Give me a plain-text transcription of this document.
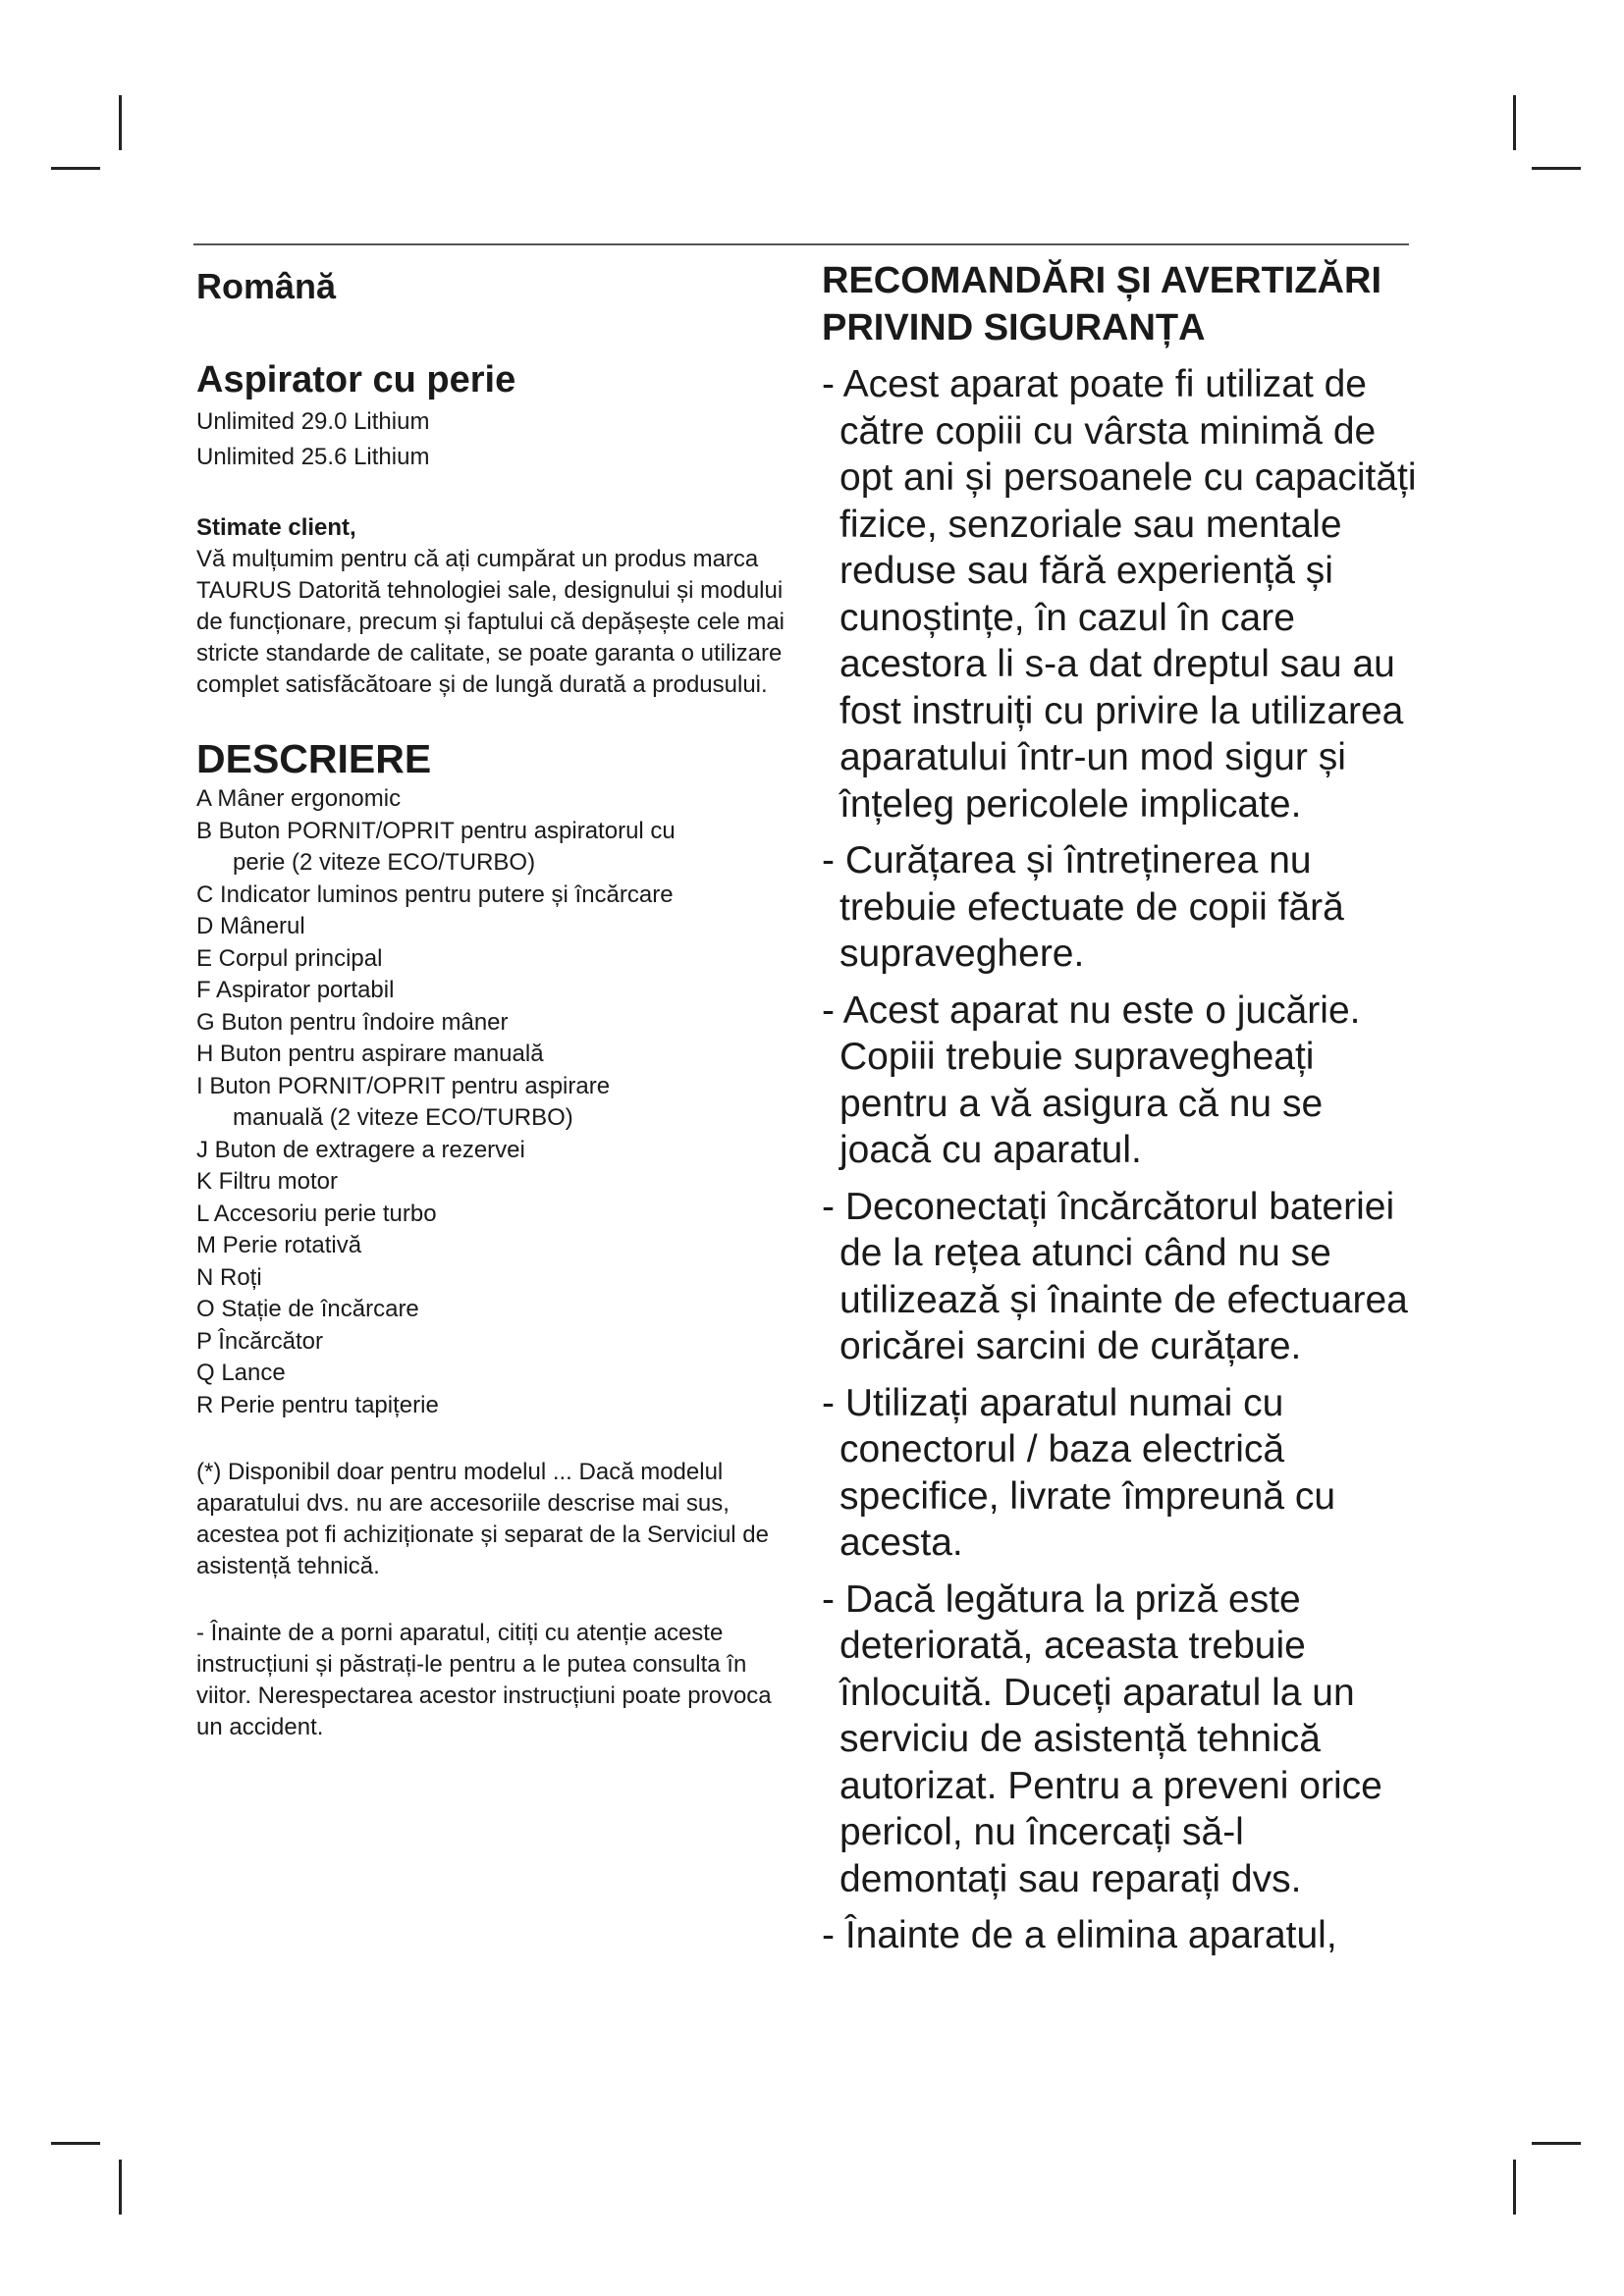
Română
Aspirator cu perie

Unlimited 29.0 Lithium

Unlimited 25.6 Lithium

Stimate client,

Vă mulțumim pentru că ați cumpărat un produs marca TAURUS Datorită tehnologiei sale, designului și modului de funcționare, precum și faptului că depășește cele mai stricte standarde de calitate, se poate garanta o utilizare complet satisfăcătoare și de lungă durată a produsului.

DESCRIERE
A Mâner ergonomic
B Buton PORNIT/OPRIT pentru aspiratorul cu
perie (2 viteze ECO/TURBO)
C Indicator luminos pentru putere și încărcare
D Mânerul
E Corpul principal
F Aspirator portabil
G Buton pentru îndoire mâner
H Buton pentru aspirare manuală
I Buton PORNIT/OPRIT pentru aspirare
manuală (2 viteze ECO/TURBO)
J Buton de extragere a rezervei
K Filtru motor
L Accesoriu perie turbo
M Perie rotativă
N Roți
O Stație de încărcare
P Încărcător
Q Lance
R Perie pentru tapițerie

(*) Disponibil doar pentru modelul ... Dacă modelul aparatului dvs. nu are accesoriile descrise mai sus, acestea pot fi achiziționate și separat de la Serviciul de asistență tehnică.

- Înainte de a porni aparatul, citiți cu atenție aceste instrucțiuni și păstrați-le pentru a le putea consulta în viitor. Nerespectarea acestor instrucțiuni poate provoca un accident.

RECOMANDĂRI ȘI AVERTIZĂRI PRIVIND SIGURANȚA
- Acest aparat poate fi utilizat de către copiii cu vârsta minimă de opt ani și persoanele cu capacități fizice, senzoriale sau mentale reduse sau fără experiență și cunoștințe, în cazul în care acestora li s-a dat dreptul sau au fost instruiți cu privire la utilizarea aparatului într-un mod sigur și înțeleg pericolele implicate.
- Curățarea și întreținerea nu trebuie efectuate de copii fără supraveghere.
- Acest aparat nu este o jucărie. Copiii trebuie supravegheați pentru a vă asigura că nu se joacă cu aparatul.
- Deconectați încărcătorul bateriei de la rețea atunci când nu se utilizează și înainte de efectuarea oricărei sarcini de curățare.
- Utilizați aparatul numai cu conectorul / baza electrică specifice, livrate împreună cu acesta.
- Dacă legătura la priză este deteriorată, aceasta trebuie înlocuită. Duceți aparatul la un serviciu de asistență tehnică autorizat. Pentru a preveni orice pericol, nu încercați să-l demontați sau reparați dvs.
- Înainte de a elimina aparatul,
